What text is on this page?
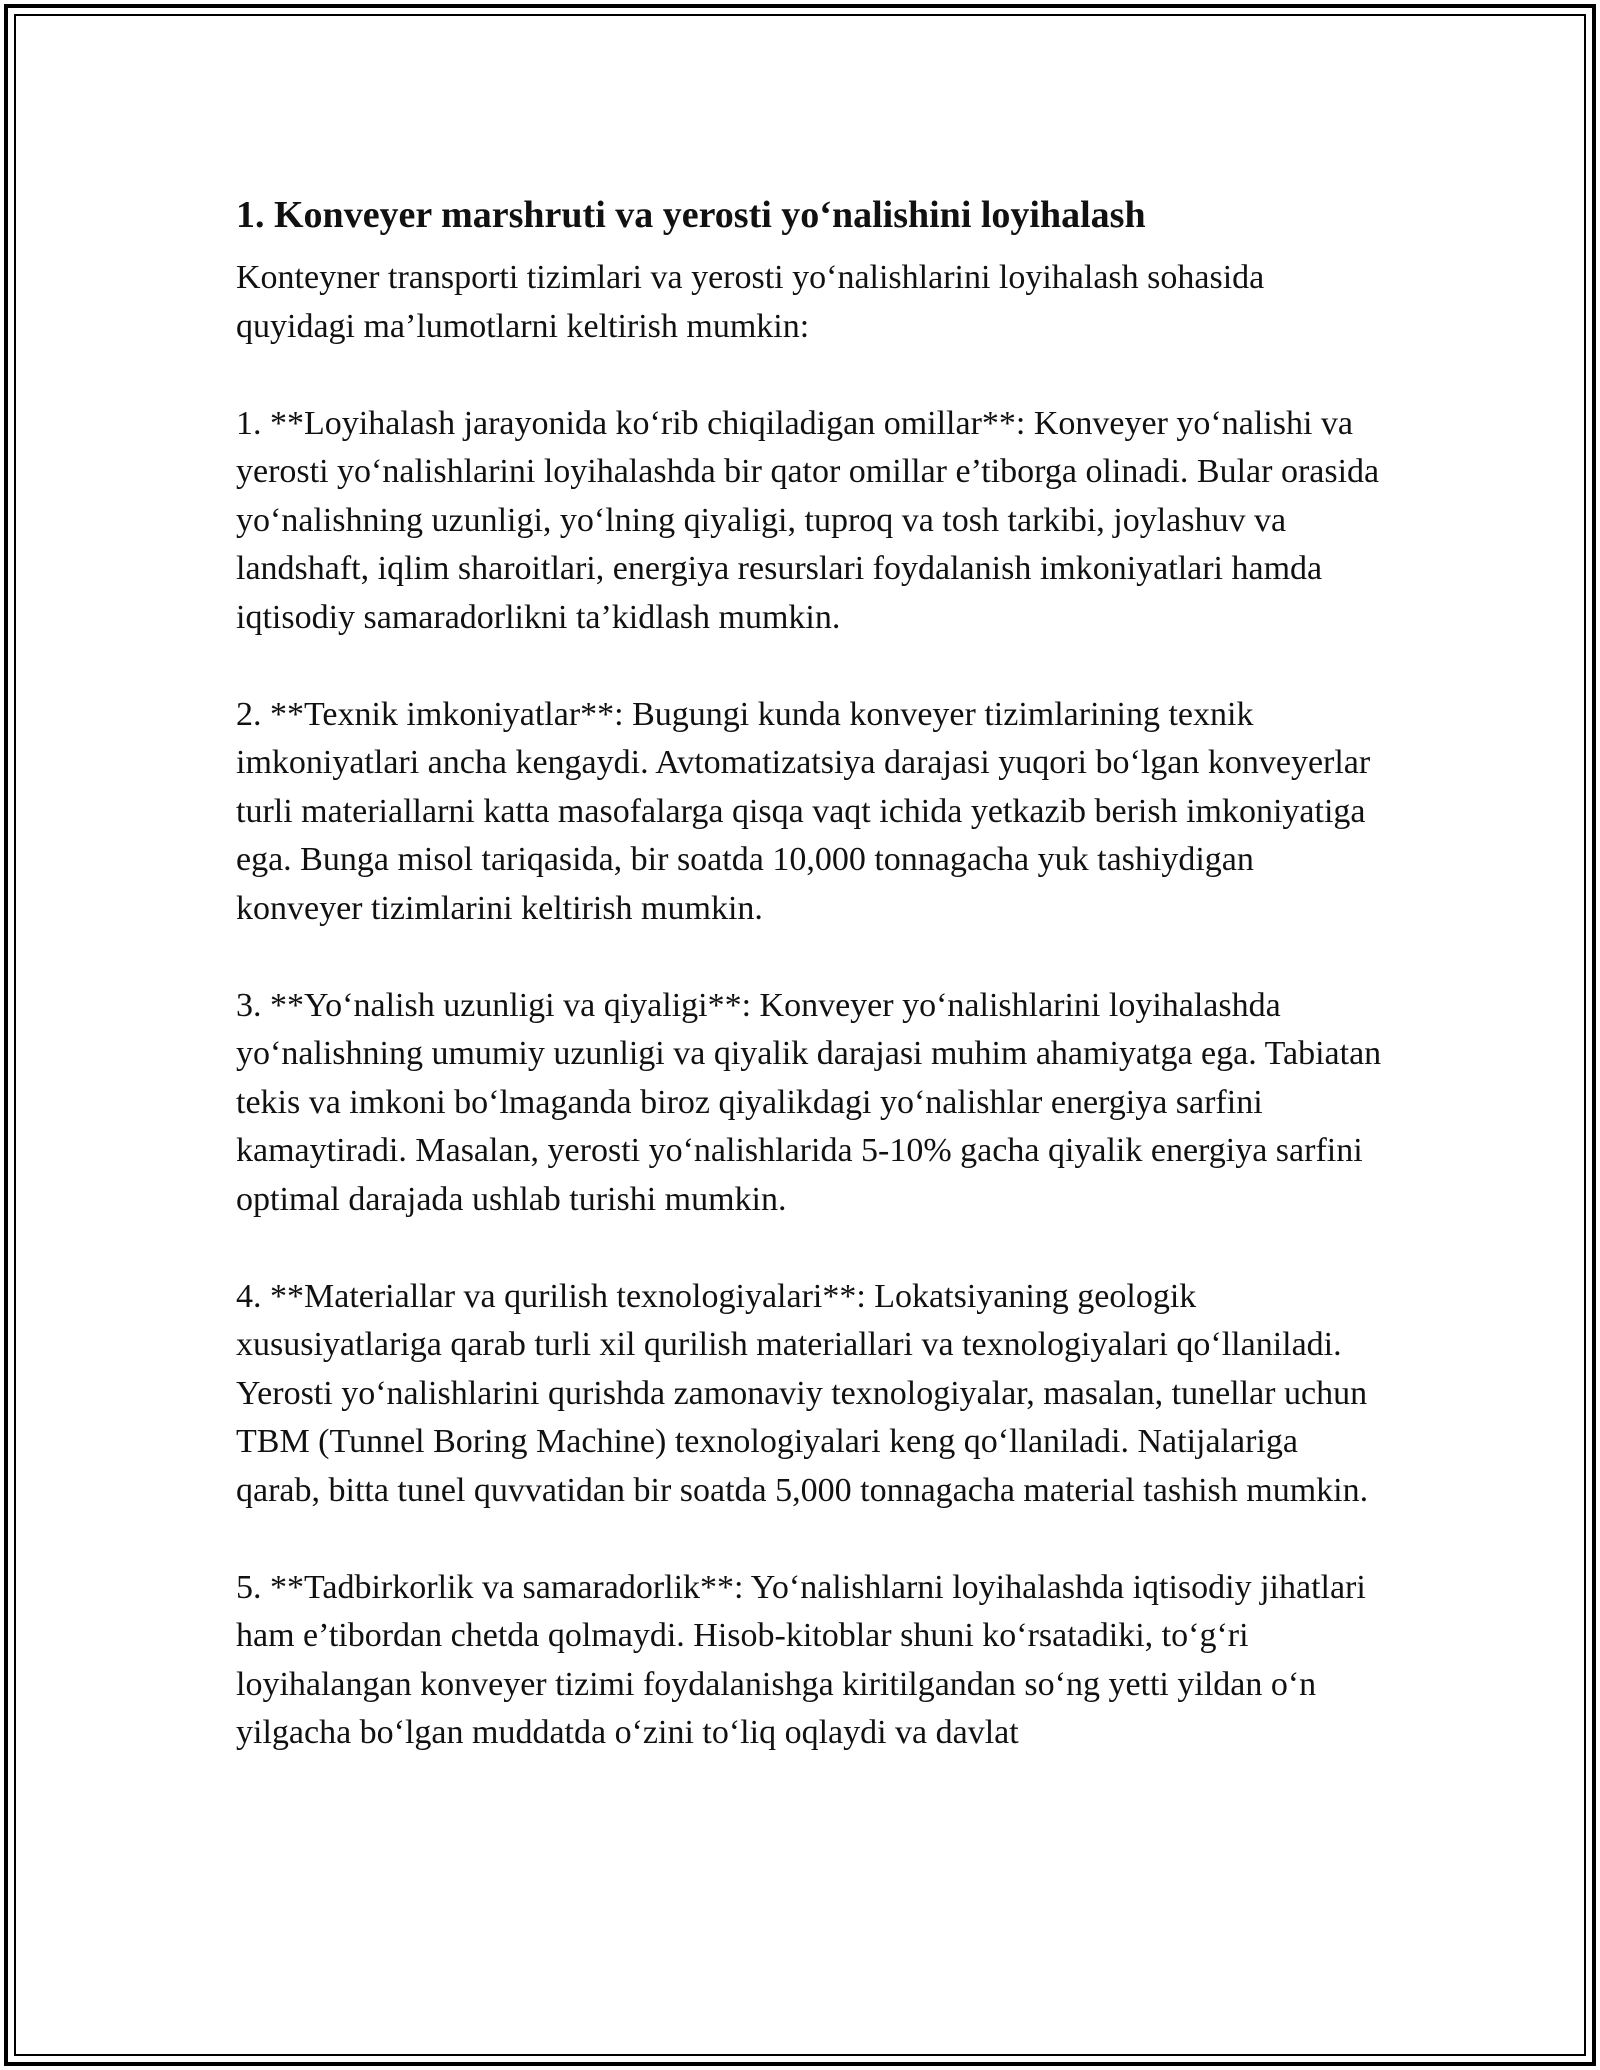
1. Konveyer marshruti va yerosti yo‘nalishini loyihalash

Konteyner transporti tizimlari va yerosti yo‘nalishlarini loyihalash sohasida quyidagi ma’lumotlarni keltirish mumkin:

1. **Loyihalash jarayonida ko‘rib chiqiladigan omillar**: Konveyer yo‘nalishi va yerosti yo‘nalishlarini loyihalashda bir qator omillar e’tiborga olinadi. Bular orasida yo‘nalishning uzunligi, yo‘lning qiyaligi, tuproq va tosh tarkibi, joylashuv va landshaft, iqlim sharoitlari, energiya resurslari foydalanish imkoniyatlari hamda iqtisodiy samaradorlikni ta’kidlash mumkin.

2. **Texnik imkoniyatlar**: Bugungi kunda konveyer tizimlarining texnik imkoniyatlari ancha kengaydi. Avtomatizatsiya darajasi yuqori bo‘lgan konveyerlar turli materiallarni katta masofalarga qisqa vaqt ichida yetkazib berish imkoniyatiga ega. Bunga misol tariqasida, bir soatda 10,000 tonnagacha yuk tashiydigan konveyer tizimlarini keltirish mumkin.

3. **Yo‘nalish uzunligi va qiyaligi**: Konveyer yo‘nalishlarini loyihalashda yo‘nalishning umumiy uzunligi va qiyalik darajasi muhim ahamiyatga ega. Tabiatan tekis va imkoni bo‘lmaganda biroz qiyalikdagi yo‘nalishlar energiya sarfini kamaytiradi. Masalan, yerosti yo‘nalishlarida 5-10% gacha qiyalik energiya sarfini optimal darajada ushlab turishi mumkin.

4. **Materiallar va qurilish texnologiyalari**: Lokatsiyaning geologik xususiyatlariga qarab turli xil qurilish materiallari va texnologiyalari qo‘llaniladi. Yerosti yo‘nalishlarini qurishda zamonaviy texnologiyalar, masalan, tunellar uchun TBM (Tunnel Boring Machine) texnologiyalari keng qo‘llaniladi. Natijalariga qarab, bitta tunel quvvatidan bir soatda 5,000 tonnagacha material tashish mumkin.

5. **Tadbirkorlik va samaradorlik**: Yo‘nalishlarni loyihalashda iqtisodiy jihatlari ham e’tibordan chetda qolmaydi. Hisob-kitoblar shuni ko‘rsatadiki, to‘g‘ri loyihalangan konveyer tizimi foydalanishga kiritilgandan so‘ng yetti yildan o‘n yilgacha bo‘lgan muddatda o‘zini to‘liq oqlaydi va davlat
